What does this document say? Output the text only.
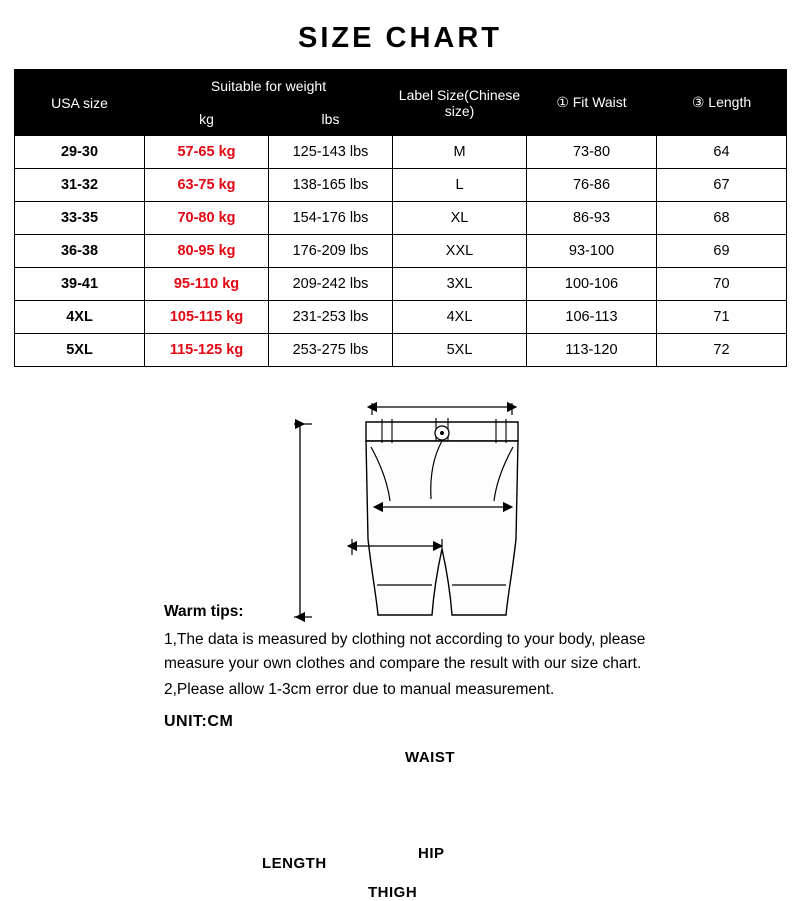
SIZE CHART
USA size	Suitable for weight		Label Size(Chinese size)	① Fit Waist	③ Length
	kg	lbs			
29-30	57-65 kg	125-143 lbs	M	73-80	64
31-32	63-75 kg	138-165 lbs	L	76-86	67
33-35	70-80 kg	154-176 lbs	XL	86-93	68
36-38	80-95 kg	176-209 lbs	XXL	93-100	69
39-41	95-110 kg	209-242 lbs	3XL	100-106	70
4XL	105-115 kg	231-253 lbs	4XL	106-113	71
5XL	115-125 kg	253-275 lbs	5XL	113-120	72
WAIST
LENGTH
HIP
THIGH
Warm tips:

1,The data is measured by clothing not according to your body, please measure your own clothes and compare the result with our size chart.

2,Please allow 1-3cm error due to manual measurement.

UNIT:CM
